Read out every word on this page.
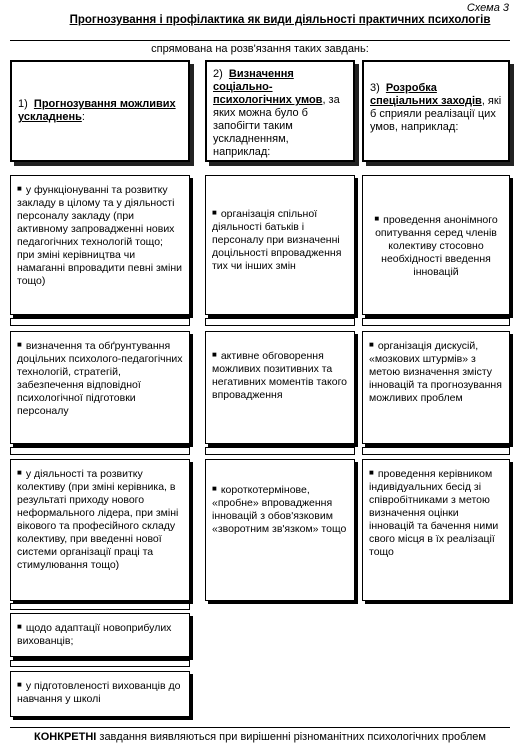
Схема 3
Прогнозування і профілактика як види діяльності практичних психологів
спрямована на розв'язання таких завдань:
1) Прогнозування можливих ускладнень:
2) Визначення соціально-психологічних умов, за яких можна було б запобігти таким ускладненням, наприклад:
3) Розробка спеціальних заходів, які б сприяли реалізації цих умов, наприклад:
■ у функціонуванні та розвитку закладу в цілому та у діяльності персоналу закладу (при активному запровадженні нових педагогічних технологій тощо; при зміні керівництва чи намаганні впровадити певні зміни тощо)
■ визначення та обґрунтування доцільних психолого-педагогічних технологій, стратегій, забезпечення відповідної психологічної підготовки персоналу
■ у діяльності та розвитку колективу (при зміні керівника, в результаті приходу нового неформального лідера, при зміні вікового та професійного складу колективу, при введенні нової системи організації праці та стимулювання тощо)
■ щодо адаптації новоприбулих вихованців;
■ у підготовленості вихованців до навчання у школі
■ організація спільної діяльності батьків і персоналу при визначенні доцільності впровадження тих чи інших змін
■ активне обговорення можливих позитивних та негативних моментів такого впровадження
■ короткотермінове, «пробне» впровадження інновацій з обов'язковим «зворотним зв'язком» тощо
■ проведення анонімного опитування серед членів колективу стосовно необхідності введення інновацій
■ організація дискусій, «мозкових штурмів» з метою визначення змісту інновацій та прогнозування можливих проблем
■ проведення керівником індивідуальних бесід зі співробітниками з метою визначення оцінки інновацій та бачення ними свого місця в їх реалізації тощо
КОНКРЕТНІ завдання виявляються при вирішенні різноманітних психологічних проблем
